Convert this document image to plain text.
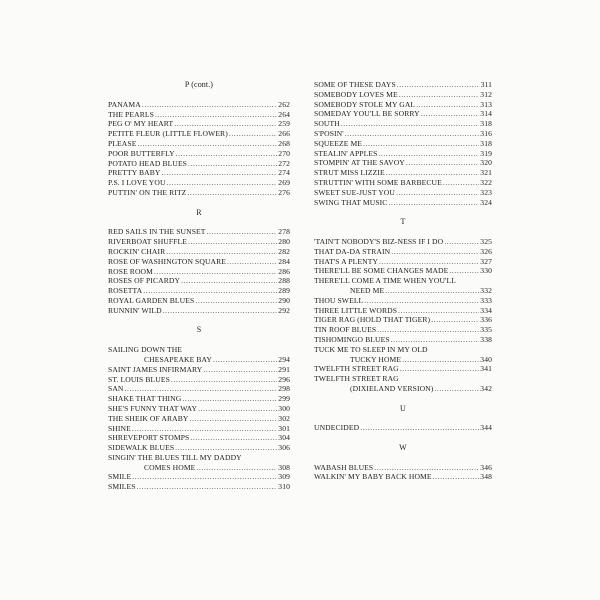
P (cont.)
PANAMA .....	262
THE PEARLS .....	264
PEG O' MY HEART .....	259
PETITE FLEUR (LITTLE FLOWER) .....	266
PLEASE .....	268
POOR BUTTERFLY .....	270
POTATO HEAD BLUES .....	272
PRETTY BABY .....	274
P.S. I LOVE YOU .....	269
PUTTIN' ON THE RITZ .....	276
R
RED SAILS IN THE SUNSET .....	278
RIVERBOAT SHUFFLE .....	280
ROCKIN' CHAIR .....	282
ROSE OF WASHINGTON SQUARE .....	284
ROSE ROOM .....	286
ROSES OF PICARDY .....	288
ROSETTA .....	289
ROYAL GARDEN BLUES .....	290
RUNNIN' WILD .....	292
S
SAILING DOWN THE
CHESAPEAKE BAY .....	294
SAINT JAMES INFIRMARY .....	291
ST. LOUIS BLUES .....	296
SAN .....	298
SHAKE THAT THING .....	299
SHE'S FUNNY THAT WAY .....	300
THE SHEIK OF ARABY .....	302
SHINE .....	301
SHREVEPORT STOMPS .....	304
SIDEWALK BLUES .....	306
SINGIN' THE BLUES TILL MY DADDY
COMES HOME .....	308
SMILE .....	309
SMILES .....	310
SOME OF THESE DAYS .....	311
SOMEBODY LOVES ME .....	312
SOMEBODY STOLE MY GAL .....	313
SOMEDAY YOU'LL BE SORRY .....	314
SOUTH .....	318
S'POSIN' .....	316
SQUEEZE ME .....	318
STEALIN' APPLES .....	319
STOMPIN' AT THE SAVOY .....	320
STRUT MISS LIZZIE .....	321
STRUTTIN' WITH SOME BARBECUE .....	322
SWEET SUE-JUST YOU .....	323
SWING THAT MUSIC .....	324
T
'TAIN'T NOBODY'S BIZ-NESS IF I DO .....	325
THAT DA-DA STRAIN .....	326
THAT'S A PLENTY .....	327
THERE'LL BE SOME CHANGES MADE .....	330
THERE'LL COME A TIME WHEN YOU'LL
NEED ME .....	332
THOU SWELL .....	333
THREE LITTLE WORDS .....	334
TIGER RAG (HOLD THAT TIGER) .....	336
TIN ROOF BLUES .....	335
TISHOMINGO BLUES .....	338
TUCK ME TO SLEEP IN MY OLD
TUCKY HOME .....	340
TWELFTH STREET RAG .....	341
TWELFTH STREET RAG
(DIXIELAND VERSION) .....	342
U
UNDECIDED .....	344
W
WABASH BLUES .....	346
WALKIN' MY BABY BACK HOME .....	348
